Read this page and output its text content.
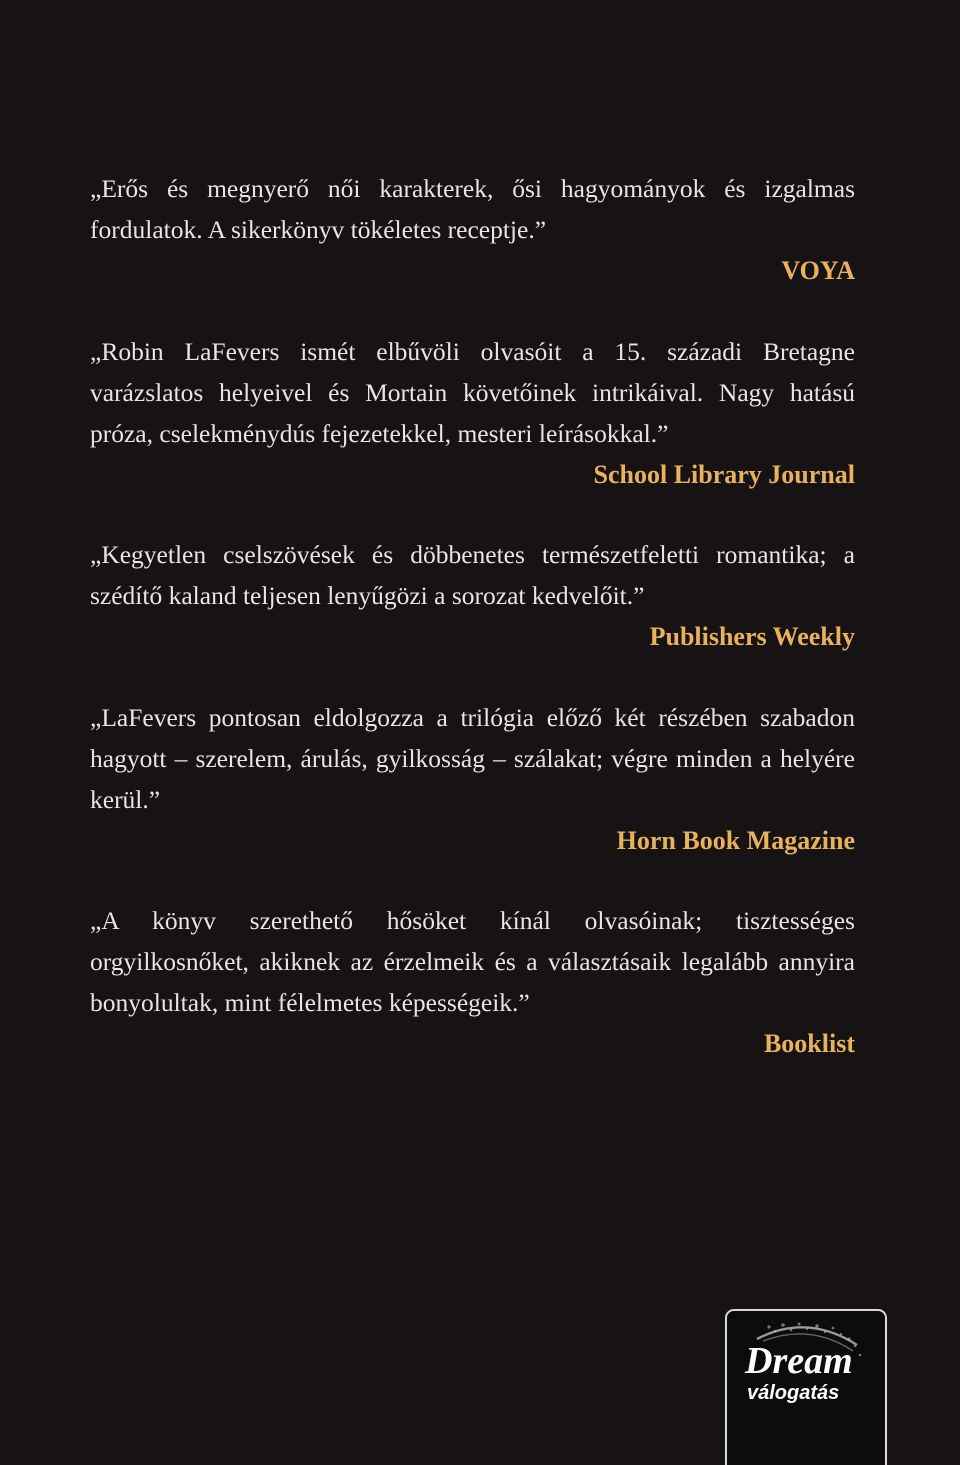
„Erős és megnyerő női karakterek, ősi hagyományok és izgalmas fordulatok. A sikerkönyv tökéletes receptje.”

VOYA

„Robin LaFevers ismét elbűvöli olvasóit a 15. századi Bretagne varázslatos helyeivel és Mortain követőinek intrikáival. Nagy hatású próza, cselekménydús fejezetekkel, mesteri leírásokkal.”

School Library Journal

„Kegyetlen cselszövések és döbbenetes természetfeletti romantika; a szédítő kaland teljesen lenyűgözi a sorozat kedvelőit.”

Publishers Weekly

„LaFevers pontosan eldolgozza a trilógia előző két részében szabadon hagyott – szerelem, árulás, gyilkosság – szálakat; végre minden a helyére kerül.”

Horn Book Magazine

„A könyv szerethető hősöket kínál olvasóinak; tisztességes orgyilkosnőket, akiknek az érzelmeik és a választásaik legalább annyira bonyolultak, mint félelmetes képességeik.”

Booklist

Dream
válogatás
